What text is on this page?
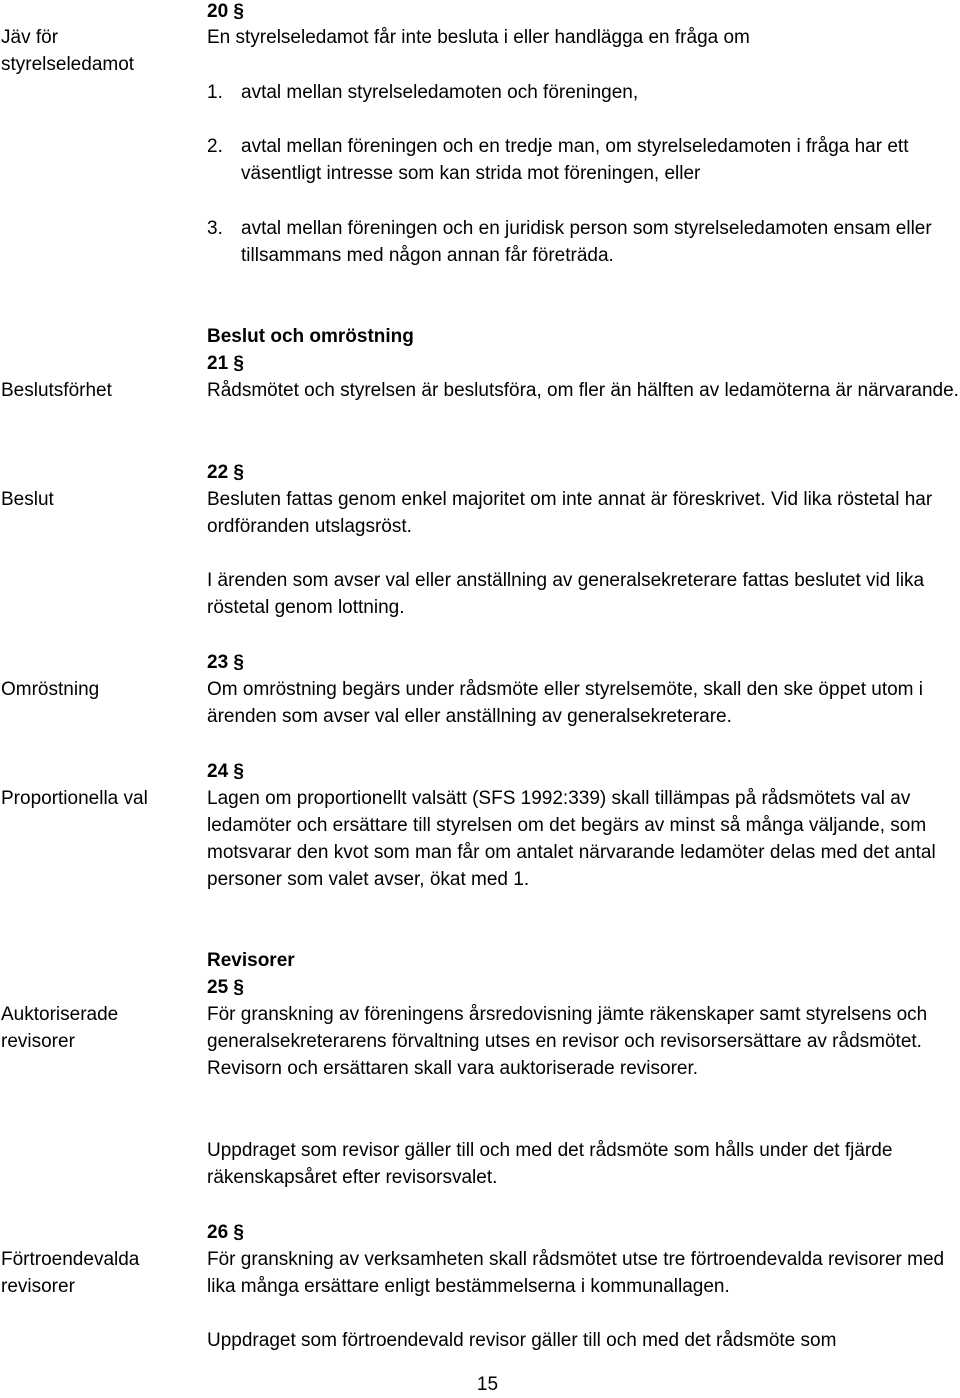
Jäv för styrelseledamot
20 §
En styrelseledamot får inte besluta i eller handlägga en fråga om
1. avtal mellan styrelseledamoten och föreningen,
2. avtal mellan föreningen och en tredje man, om styrelseledamoten i fråga har ett väsentligt intresse som kan strida mot föreningen, eller
3. avtal mellan föreningen och en juridisk person som styrelseledamoten ensam eller tillsammans med någon annan får företräda.
Beslut och omröstning
Beslutsförhet
21 §
Rådsmötet och styrelsen är beslutsföra, om fler än hälften av ledamöterna är närvarande.
Beslut
22 §
Besluten fattas genom enkel majoritet om inte annat är föreskrivet. Vid lika röstetal har ordföranden utslagsröst.
I ärenden som avser val eller anställning av generalsekreterare fattas beslutet vid lika röstetal genom lottning.
Omröstning
23 §
Om omröstning begärs under rådsmöte eller styrelsemöte, skall den ske öppet utom i ärenden som avser val eller anställning av generalsekreterare.
Proportionella val
24 §
Lagen om proportionellt valsätt (SFS 1992:339) skall tillämpas på rådsmötets val av ledamöter och ersättare till styrelsen om det begärs av minst så många väljande, som motsvarar den kvot som man får om antalet närvarande ledamöter delas med det antal personer som valet avser, ökat med 1.
Revisorer
Auktoriserade revisorer
25 §
För granskning av föreningens årsredovisning jämte räkenskaper samt styrelsens och generalsekreterarens förvaltning utses en revisor och revisorsersättare av rådsmötet. Revisorn och ersättaren skall vara auktoriserade revisorer.
Uppdraget som revisor gäller till och med det rådsmöte som hålls under det fjärde räkenskapsåret efter revisorsvalet.
Förtroendevalda revisorer
26 §
För granskning av verksamheten skall rådsmötet utse tre förtroendevalda revisorer med lika många ersättare enligt bestämmelserna i kommunallagen.
Uppdraget som förtroendevald revisor gäller till och med det rådsmöte som
15
